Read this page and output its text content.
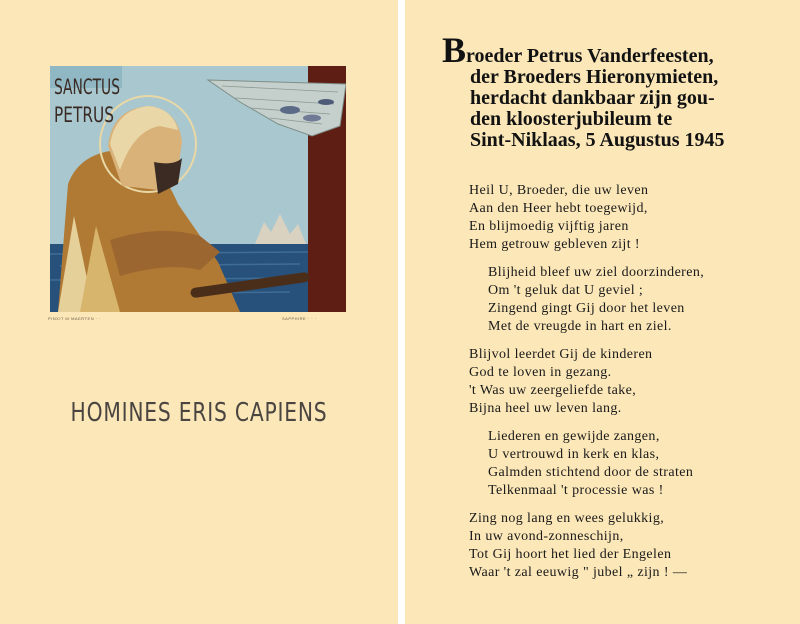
SANCTUS
PETRUS
PINXIT M·MAERTEN · ·	SAPPHIRE · · ·
HOMINES ERIS CAPIENS
Broeder Petrus Vanderfeesten,
der Broeders Hieronymieten,
herdacht dankbaar zijn gou-
den kloosterjubileum te
Sint-Niklaas, 5 Augustus 1945
Heil U, Broeder, die uw leven
Aan den Heer hebt toegewijd,
En blijmoedig vijftig jaren
Hem getrouw gebleven zijt !
Blijheid bleef uw ziel doorzinderen,
Om 't geluk dat U geviel ;
Zingend gingt Gij door het leven
Met de vreugde in hart en ziel.
Blijvol leerdet Gij de kinderen
God te loven in gezang.
't Was uw zeergeliefde take,
Bijna heel uw leven lang.
Liederen en gewijde zangen,
U vertrouwd in kerk en klas,
Galmden stichtend door de straten
Telkenmaal 't processie was !
Zing nog lang en wees gelukkig,
In uw avond-zonneschijn,
Tot Gij hoort het lied der Engelen
Waar 't zal eeuwig " jubel „ zijn ! —
